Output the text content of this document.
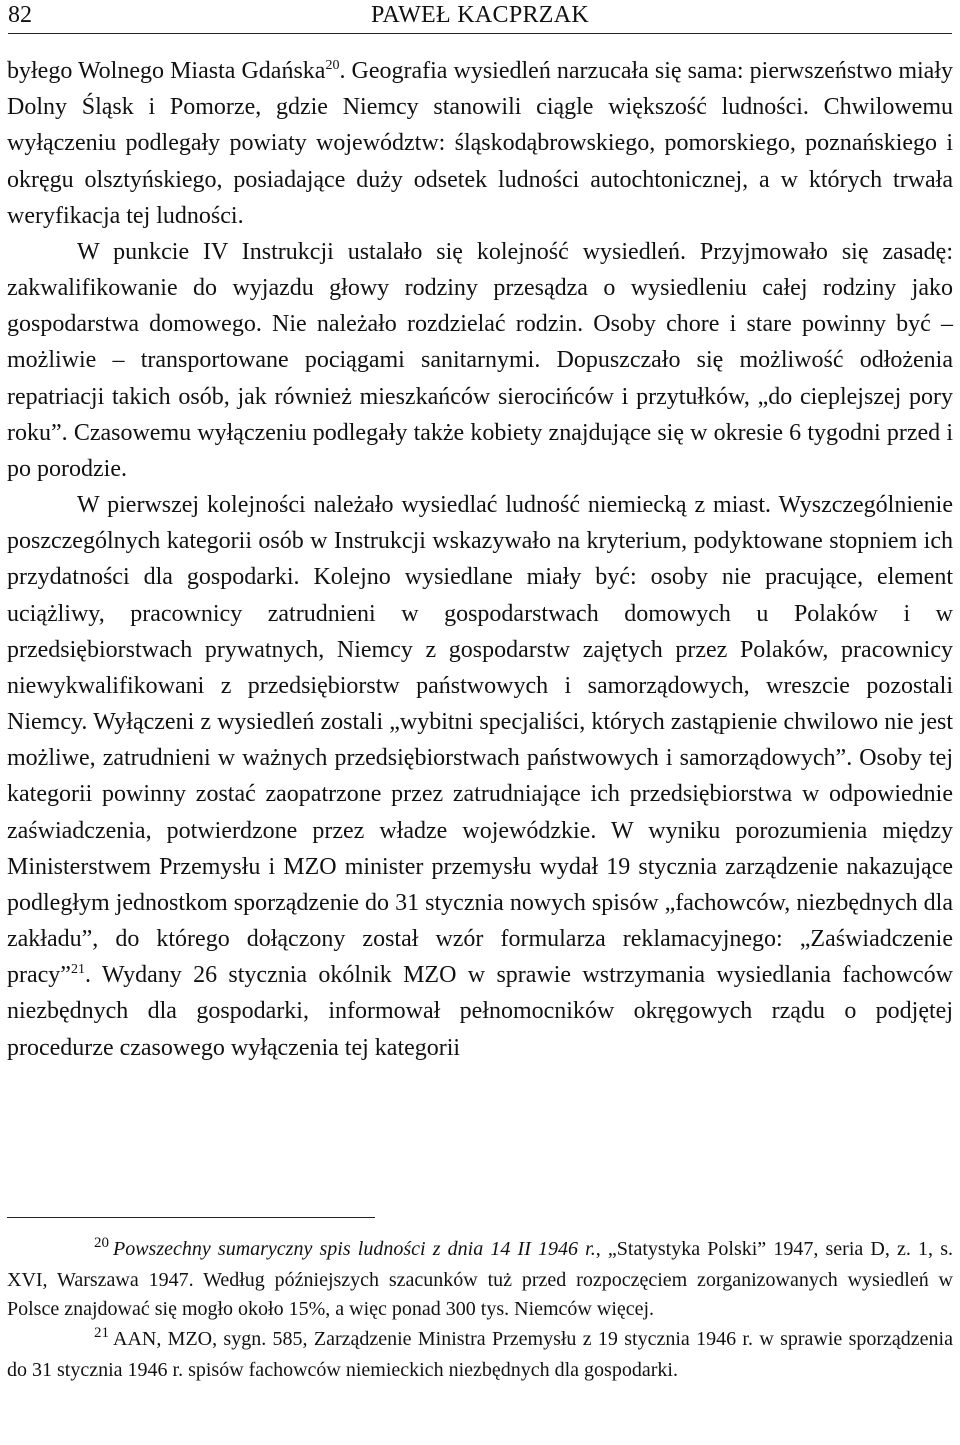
82	PAWEŁ KACPRZAK

byłego Wolnego Miasta Gdańska$^{20}$. Geografia wysiedleń narzucała się sama: pierwszeństwo miały Dolny Śląsk i Pomorze, gdzie Niemcy stanowili ciągle większość ludności. Chwilowemu wyłączeniu podlegały powiaty województw: śląskodąbrowskiego, pomorskiego, poznańskiego i okręgu olsztyńskiego, posiadające duży odsetek ludności autochtonicznej, a w których trwała weryfikacja tej ludności.

W punkcie IV Instrukcji ustalało się kolejność wysiedleń. Przyjmowało się zasadę: zakwalifikowanie do wyjazdu głowy rodziny przesądza o wysiedleniu całej rodziny jako gospodarstwa domowego. Nie należało rozdzielać rodzin. Osoby chore i stare powinny być – możliwie – transportowane pociągami sanitarnymi. Dopuszczało się możliwość odłożenia repatriacji takich osób, jak również mieszkańców sierocińców i przytułków, „do cieplejszej pory roku”. Czasowemu wyłączeniu podlegały także kobiety znajdujące się w okresie 6 tygodni przed i po porodzie.

W pierwszej kolejności należało wysiedlać ludność niemiecką z miast. Wyszczególnienie poszczególnych kategorii osób w Instrukcji wskazywało na kryterium, podyktowane stopniem ich przydatności dla gospodarki. Kolejno wysiedlane miały być: osoby nie pracujące, element uciążliwy, pracownicy zatrudnieni w gospodarstwach domowych u Polaków i w przedsiębiorstwach prywatnych, Niemcy z gospodarstw zajętych przez Polaków, pracownicy niewykwalifikowani z przedsiębiorstw państwowych i samorządowych, wreszcie pozostali Niemcy. Wyłączeni z wysiedleń zostali „wybitni specjaliści, których zastąpienie chwilowo nie jest możliwe, zatrudnieni w ważnych przedsiębiorstwach państwowych i samorządowych”. Osoby tej kategorii powinny zostać zaopatrzone przez zatrudniające ich przedsiębiorstwa w odpowiednie zaświadczenia, potwierdzone przez władze wojewódzkie. W wyniku porozumienia między Ministerstwem Przemysłu i MZO minister przemysłu wydał 19 stycznia zarządzenie nakazujące podległym jednostkom sporządzenie do 31 stycznia nowych spisów „fachowców, niezbędnych dla zakładu”, do którego dołączony został wzór formularza reklamacyjnego: „Zaświadczenie pracy”$^{21}$. Wydany 26 stycznia okólnik MZO w sprawie wstrzymania wysiedlania fachowców niezbędnych dla gospodarki, informował pełnomocników okręgowych rządu o podjętej procedurze czasowego wyłączenia tej kategorii

$^{20}$ Powszechny sumaryczny spis ludności z dnia 14 II 1946 r., „Statystyka Polski” 1947, seria D, z. 1, s. XVI, Warszawa 1947. Według późniejszych szacunków tuż przed rozpoczęciem zorganizowanych wysiedleń w Polsce znajdować się mogło około 15%, a więc ponad 300 tys. Niemców więcej.

$^{21}$ AAN, MZO, sygn. 585, Zarządzenie Ministra Przemysłu z 19 stycznia 1946 r. w sprawie sporządzenia do 31 stycznia 1946 r. spisów fachowców niemieckich niezbędnych dla gospodarki.
